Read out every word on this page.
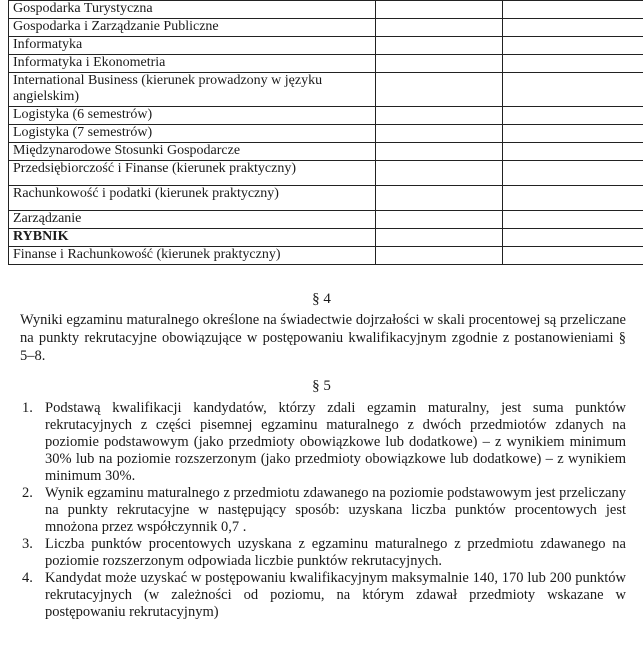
Gospodarka Turystyczna		
Gospodarka i Zarządzanie Publiczne		
Informatyka		
Informatyka i Ekonometria		
International Business (kierunek prowadzony w języku angielskim)		
Logistyka (6 semestrów)		
Logistyka (7 semestrów)		
Międzynarodowe Stosunki Gospodarcze		
Przedsiębiorczość i Finanse (kierunek praktyczny)		
Rachunkowość i podatki (kierunek praktyczny)		
Zarządzanie		
RYBNIK		
Finanse i Rachunkowość (kierunek praktyczny)		
§ 4
Wyniki egzaminu maturalnego określone na świadectwie dojrzałości w skali procentowej są przeliczane na punkty rekrutacyjne obowiązujące w postępowaniu kwalifikacyjnym zgodnie z postanowieniami § 5–8.
§ 5
1. Podstawą kwalifikacji kandydatów, którzy zdali egzamin maturalny, jest suma punktów rekrutacyjnych z części pisemnej egzaminu maturalnego z dwóch przedmiotów zdanych na poziomie podstawowym (jako przedmioty obowiązkowe lub dodatkowe) – z wynikiem minimum 30% lub na poziomie rozszerzonym (jako przedmioty obowiązkowe lub dodatkowe) – z wynikiem minimum 30%.
2. Wynik egzaminu maturalnego z przedmiotu zdawanego na poziomie podstawowym jest przeliczany na punkty rekrutacyjne w następujący sposób: uzyskana liczba punktów procentowych jest mnożona przez współczynnik 0,7 .
3. Liczba punktów procentowych uzyskana z egzaminu maturalnego z przedmiotu zdawanego na poziomie rozszerzonym odpowiada liczbie punktów rekrutacyjnych.
4. Kandydat może uzyskać w postępowaniu kwalifikacyjnym maksymalnie 140, 170 lub 200 punktów rekrutacyjnych (w zależności od poziomu, na którym zdawał przedmioty wskazane w postępowaniu rekrutacyjnym)
